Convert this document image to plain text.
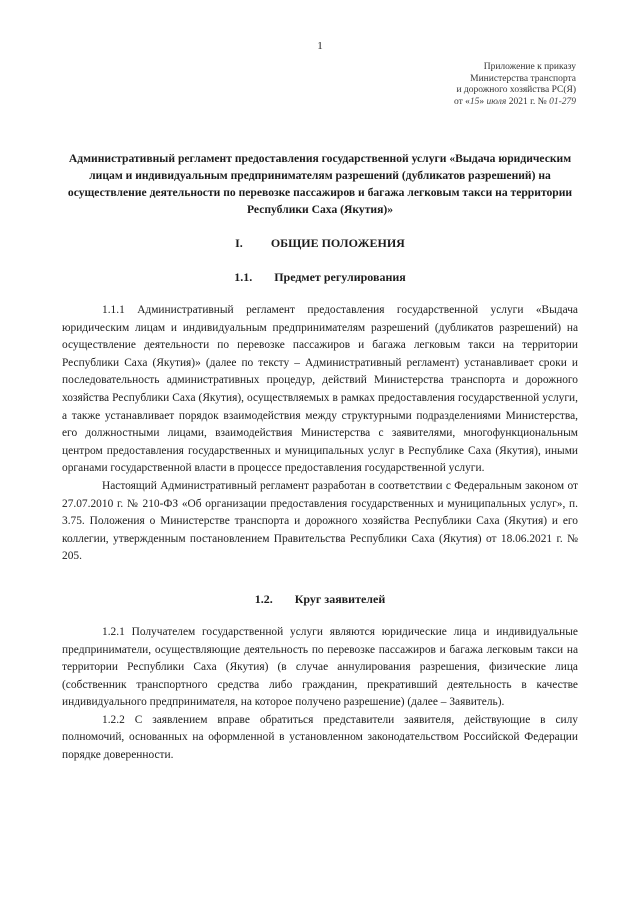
1
Приложение к приказу
Министерства транспорта
и дорожного хозяйства РС(Я)
от «15» июля 2021 г. № 01-279

Административный регламент предоставления государственной услуги «Выдача юридическим лицам и индивидуальным предпринимателям разрешений (дубликатов разрешений) на осуществление деятельности по перевозке пассажиров и багажа легковым такси на территории Республики Саха (Якутия)»

I. ОБЩИЕ ПОЛОЖЕНИЯ
1.1. Предмет регулирования

1.1.1 Административный регламент предоставления государственной услуги «Выдача юридическим лицам и индивидуальным предпринимателям разрешений (дубликатов разрешений) на осуществление деятельности по перевозке пассажиров и багажа легковым такси на территории Республики Саха (Якутия)» (далее по тексту – Административный регламент) устанавливает сроки и последовательность административных процедур, действий Министерства транспорта и дорожного хозяйства Республики Саха (Якутия), осуществляемых в рамках предоставления государственной услуги, а также устанавливает порядок взаимодействия между структурными подразделениями Министерства, его должностными лицами, взаимодействия Министерства с заявителями, многофункциональным центром предоставления государственных и муниципальных услуг в Республике Саха (Якутия), иными органами государственной власти в процессе предоставления государственной услуги.

Настоящий Административный регламент разработан в соответствии с Федеральным законом от 27.07.2010 г. № 210-ФЗ «Об организации предоставления государственных и муниципальных услуг», п. 3.75. Положения о Министерстве транспорта и дорожного хозяйства Республики Саха (Якутия) и его коллегии, утвержденным постановлением Правительства Республики Саха (Якутия) от 18.06.2021 г. № 205.

1.2. Круг заявителей

1.2.1 Получателем государственной услуги являются юридические лица и индивидуальные предприниматели, осуществляющие деятельность по перевозке пассажиров и багажа легковым такси на территории Республики Саха (Якутия) (в случае аннулирования разрешения, физические лица (собственник транспортного средства либо гражданин, прекративший деятельность в качестве индивидуального предпринимателя, на которое получено разрешение) (далее – Заявитель).

1.2.2 С заявлением вправе обратиться представители заявителя, действующие в силу полномочий, основанных на оформленной в установленном законодательством Российской Федерации порядке доверенности.
